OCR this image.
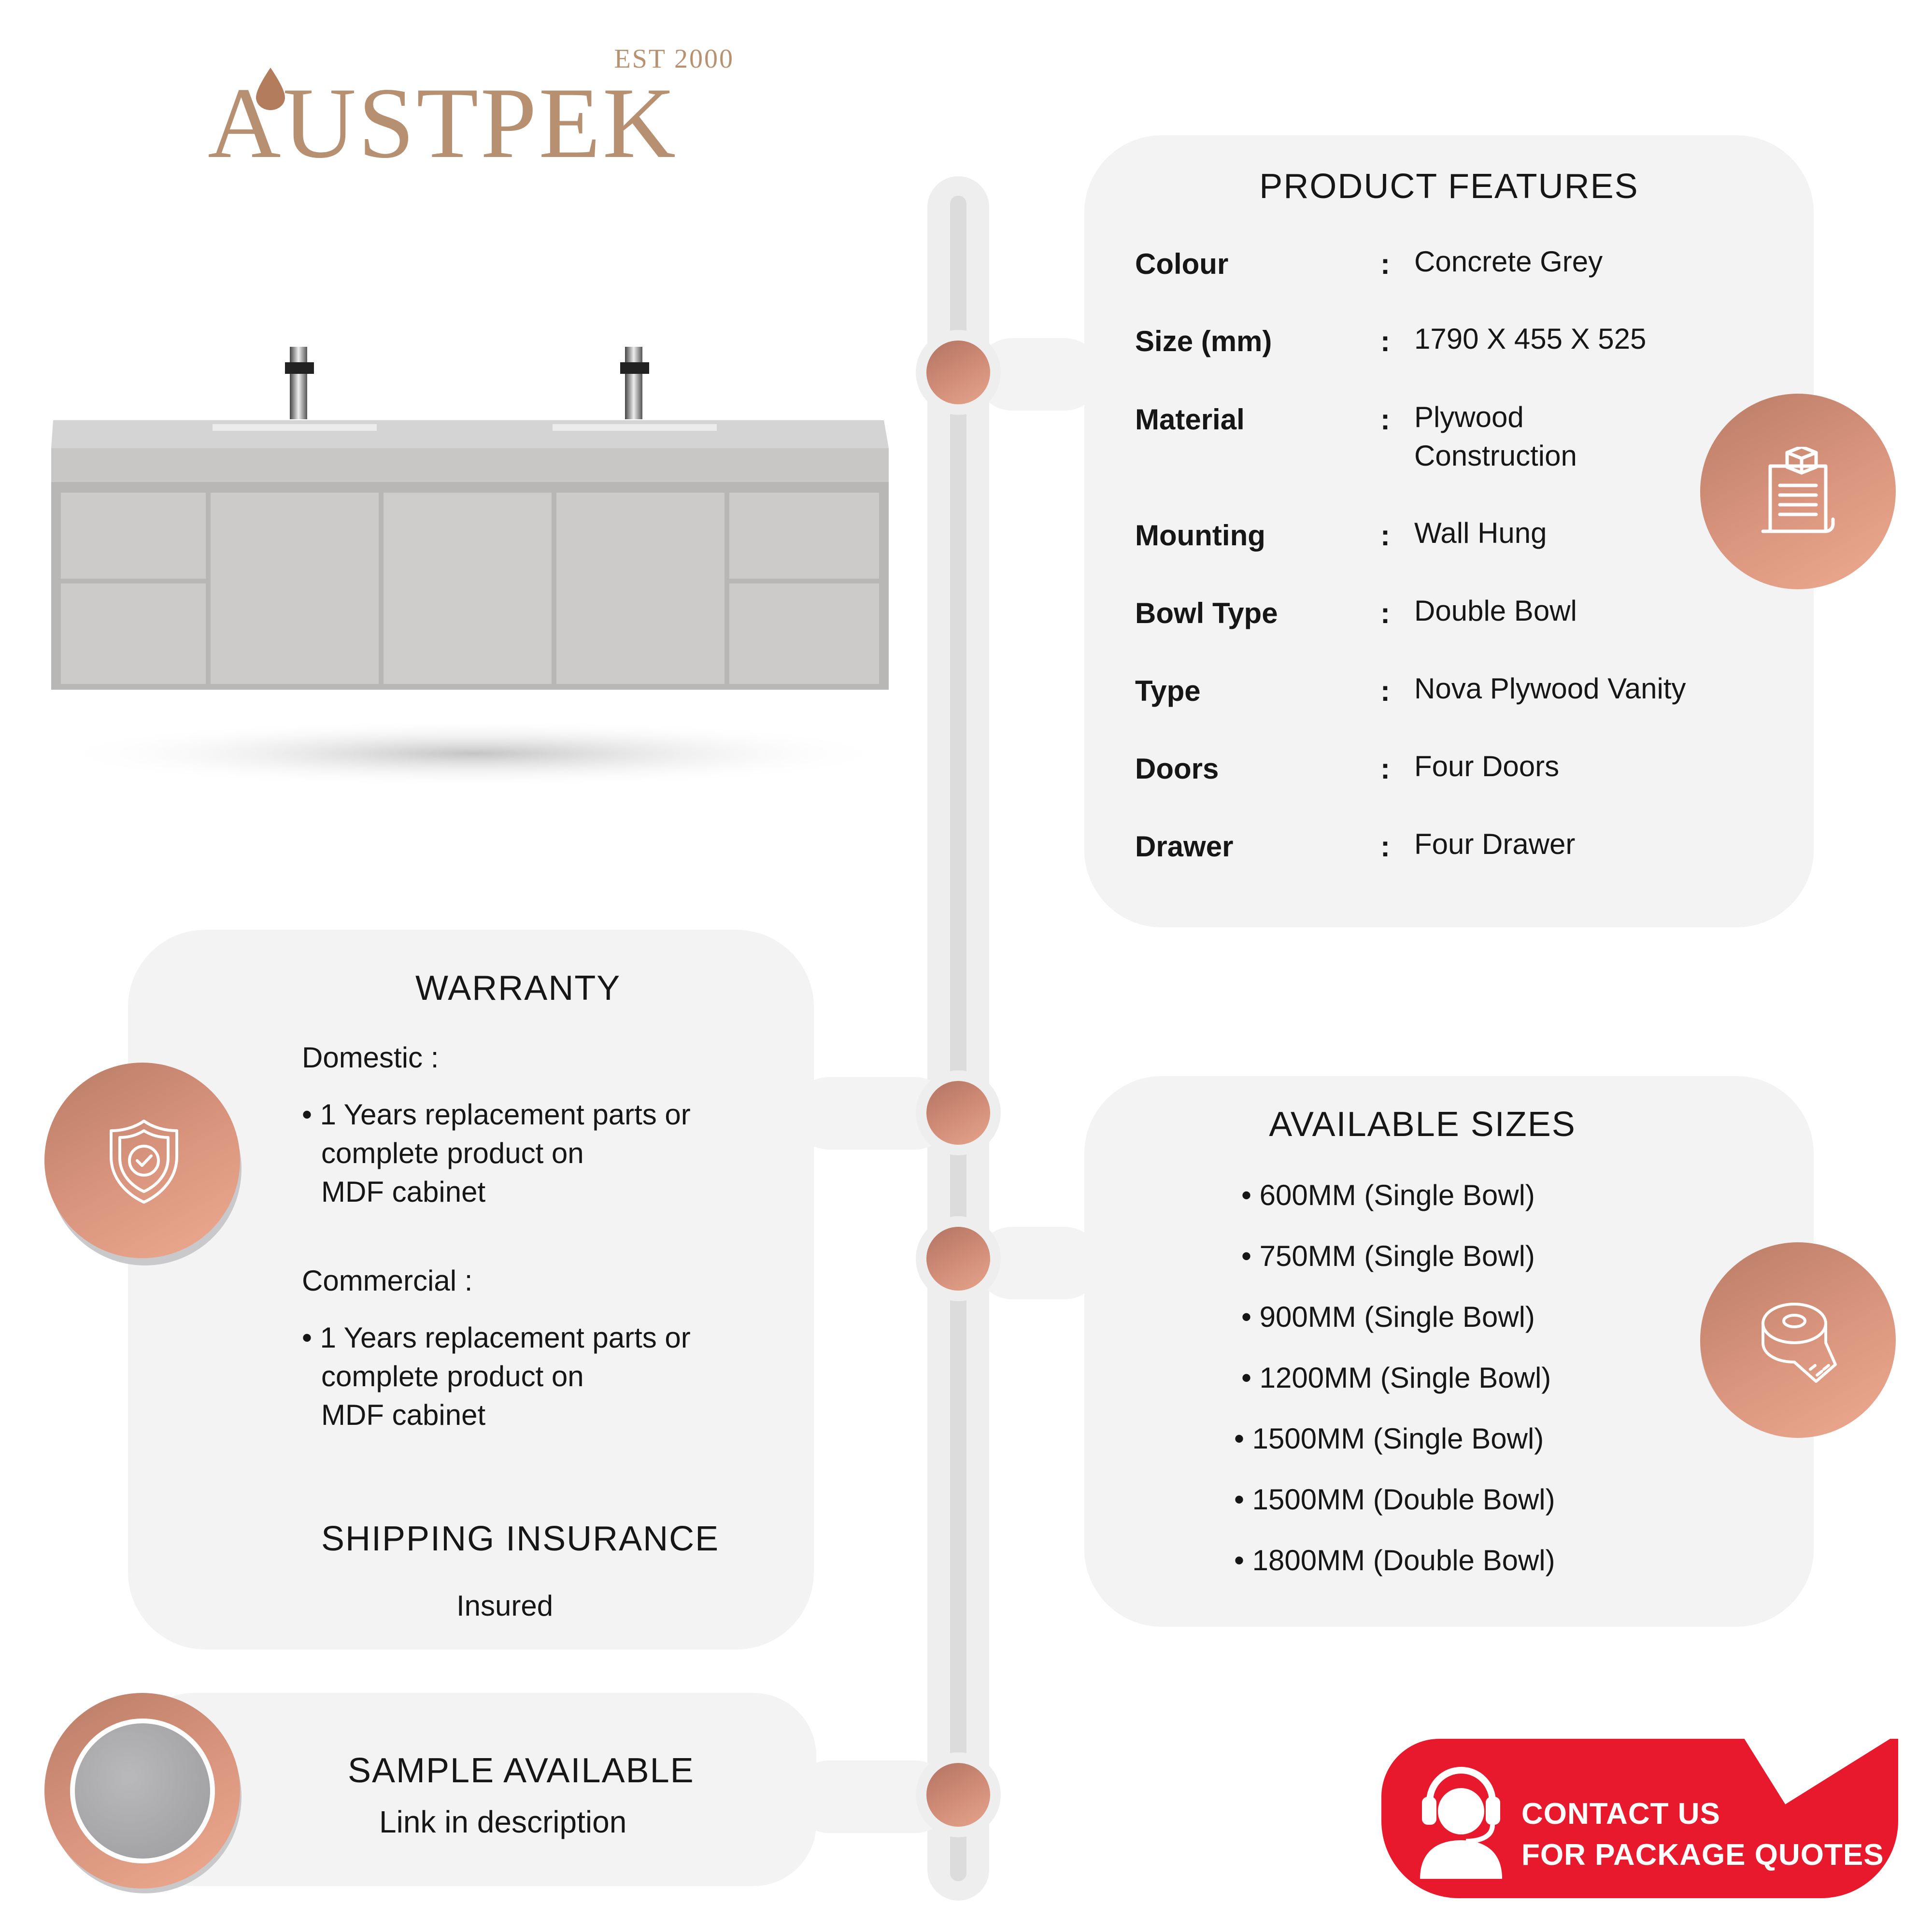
EST 2000
AUSTPEK
PRODUCT FEATURES
Colour	: Concrete Grey
Size (mm)	: 1790 X 455 X 525
Material	: Plywood
Construction
Mounting	: Wall Hung
Bowl Type	: Double Bowl
Type	: Nova Plywood Vanity
Doors	: Four Doors
Drawer	: Four Drawer
WARRANTY
Domestic :
• 1 Years replacement parts or
complete product on
MDF cabinet
Commercial :
• 1 Years replacement parts or
complete product on
MDF cabinet
SHIPPING INSURANCE
Insured
AVAILABLE SIZES
• 600MM (Single Bowl)
• 750MM (Single Bowl)
• 900MM (Single Bowl)
• 1200MM (Single Bowl)
• 1500MM (Single Bowl)
• 1500MM (Double Bowl)
• 1800MM (Double Bowl)
SAMPLE AVAILABLE
Link in description	CONTACT US
FOR PACKAGE QUOTES
